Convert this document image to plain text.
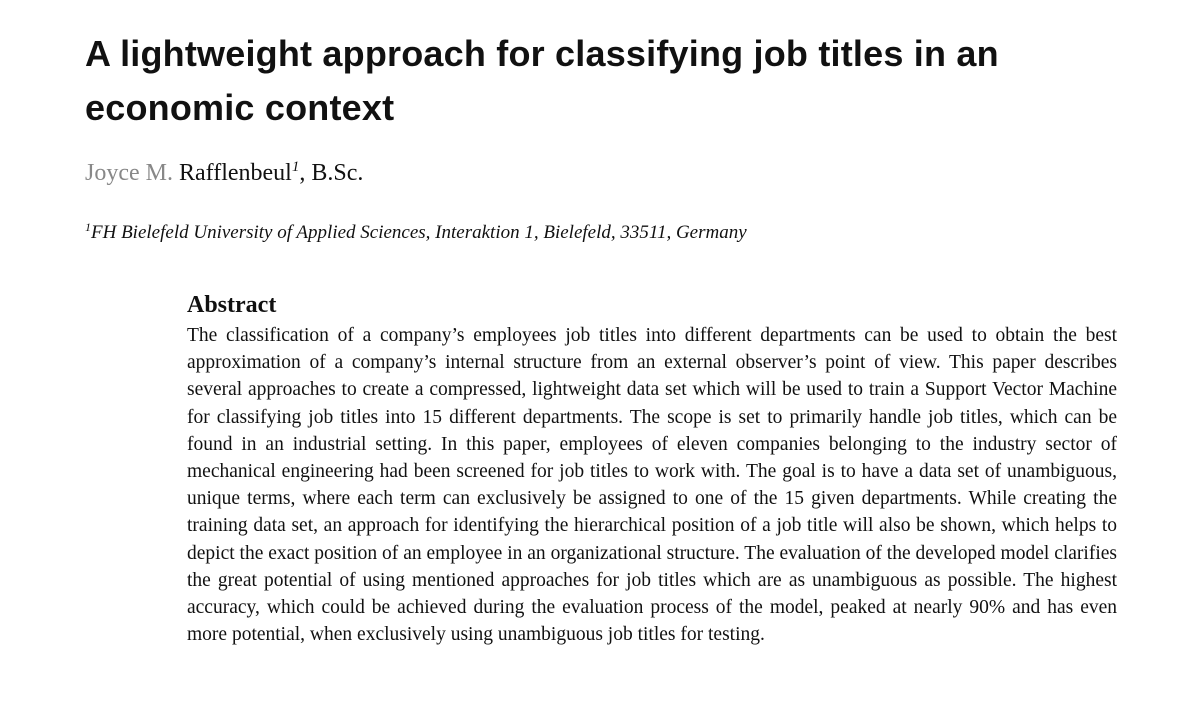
A lightweight approach for classifying job titles in an economic context
Joyce M. Rafflenbeul$^1$, B.Sc.
$^1$FH Bielefeld University of Applied Sciences, Interaktion 1, Bielefeld, 33511, Germany
Abstract

The classification of a company’s employees job titles into different departments can be used to obtain the best approximation of a company’s internal structure from an external observer’s point of view. This paper describes several approaches to create a compressed, lightweight data set which will be used to train a Support Vector Machine for classifying job titles into 15 different departments. The scope is set to primarily handle job titles, which can be found in an industrial setting. In this paper, employees of eleven companies belonging to the industry sector of mechanical engineering had been screened for job titles to work with. The goal is to have a data set of unambiguous, unique terms, where each term can exclusively be assigned to one of the 15 given departments. While creating the training data set, an approach for identifying the hierarchical position of a job title will also be shown, which helps to depict the exact position of an employee in an organizational structure. The evaluation of the developed model clarifies the great potential of using mentioned approaches for job titles which are as unambiguous as possible. The highest accuracy, which could be achieved during the evaluation process of the model, peaked at nearly 90% and has even more potential, when exclusively using unambiguous job titles for testing.
